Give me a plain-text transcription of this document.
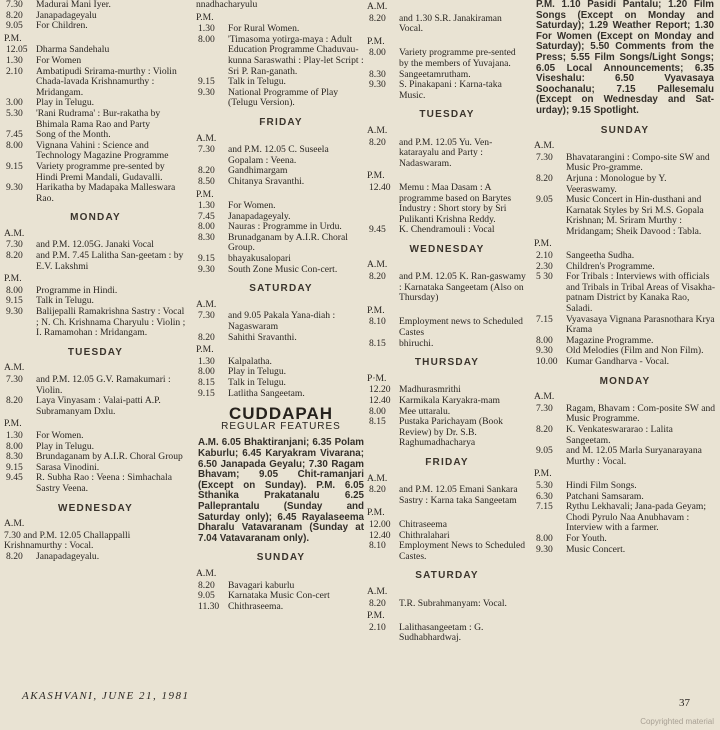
7.30	Madurai Mani Iyer.
8.20	Janapadageyalu
9.05	For Children.
P.M.
12.05 Dharma Sandehalu
1.30	For Women
2.10	Ambatipudi Srirama-murthy : Violin Chada-lavada Krishnamurthy : Mridangam.
3.00	Play in Telugu.
5.30	'Rani Rudrama' : Bur-rakatha by Bhimala Rama Rao and Party
7.45	Song of the Month.
8.00	Vignana Vahini : Science and Technology Magazine Programme
9.15	Variety programme pre-sented by Hindi Premi Mandali, Gudavalli.
9.30	Harikatha by Madapaka Malleswara Rao.
MONDAY
A.M.
7.30	and P.M. 12.05G. Janaki Vocal
8.20	and P.M. 7.45 Lalitha San-geetam : by E.V. Lakshmi
P.M.
8.00	Programme in Hindi.
9.15	Talk in Telugu.
9.30	Balijepalli Ramakrishna Sastry : Vocal ; N. Ch. Krishnama Charyulu : Violin ; I. Ramamohan : Mridangam.
TUESDAY
A.M.
7.30	and P.M. 12.05 G.V. Ramakumari : Violin.
8.20	Laya Vinyasam : Valai-patti A.P. Subramanyam Dxlu.
P.M.
1.30	For Women.
8.00	Play in Telugu.
8.30	Brundaganam by A.I.R. Choral Group
9.15	Sarasa Vinodini.
9.45	R. Subha Rao : Veena : Simhachala Sastry Veena.
WEDNESDAY
A.M.
7.30 and P.M. 12.05 Challappalli Krishnamurthy : Vocal.
8.20	Janapadageyalu.
nnadhacharyulu
P.M.
1.30	For Rural Women.
8.00	'Timasoma yotirga-maya : Adult Education Programme Chaduvau-kunna Saraswathi : Play-let Script : Sri P. Ran-ganath.
9.15	Talk in Telugu.
9.30	National Programme of Play (Telugu Version).
FRIDAY
A.M.
7.30	and P.M. 12.05 C. Suseela Gopalam : Veena.
8.20	Gandhimargam
8.50	Chitanya Sravanthi.
P.M.
1.30	For Women.
7.45	Janapadageyaly.
8.00	Nauras : Programme in Urdu.
8.30	Brunadganam by A.I.R. Choral Group.
9.15	bhayakusalopari
9.30	South Zone Music Con-cert.
SATURDAY
A.M.
7.30	and 9.05 Pakala Yana-diah : Nagaswaram
8.20	Sahithi Sravanthi.
P.M.
1.30	Kalpalatha.
8.00	Play in Telugu.
8.15	Talk in Telugu.
9.15	Latlitha Sangeetam.
CUDDAPAH
REGULAR FEATURES
A.M. 6.05 Bhaktiranjani; 6.35 Polam Kaburlu; 6.45 Karyakram Vivarana; 6.50 Janapada Geyalu; 7.30 Ragam Bhavam; 9.05 Chit-ramanjari (Except on Sunday). P.M. 6.05 Sthanika Prakatanalu 6.25 Palleprantalu (Sunday and Saturday only); 6.45 Rayalaseema Dharalu Vatavaranam (Sunday at 7.04 Vatavaranam only).
SUNDAY
A.M.
8.20	Bavagari kaburlu
9.05	Karnataka Music Con-cert
11.30 Chithraseema.
A.M.
8.20	and 1.30 S.R. Janakiraman Vocal.
P.M.
8.00	Variety programme pre-sented by the members of Yuvajana.
8.30	Sangeetamrutham.
9.30	S. Pinakapani : Karna-taka Music.
TUESDAY
A.M.
8.20	and P.M. 12.05 Yu. Ven-katarayalu and Party : Nadaswaram.
P.M.
12.40 Memu : Maa Dasam : A programme based on Barytes Industry : Short story by Sri Pulikanti Krishna Reddy.
9.45	K. Chendramouli : Vocal
WEDNESDAY
A.M.
8.20	and P.M. 12.05 K. Ran-gaswamy : Karnataka Sangeetam (Also on Thursday)
P.M.
8.10	Employment news to Scheduled Castes
8.15	bhiruchi.
THURSDAY
P·M.
12.20 Madhurasmrithi
12.40 Karmikala Karyakra-mam
8.00	Mee uttaralu.
8.15	Pustaka Parichayam (Book Review) by Dr. S.B. Raghumadhacharya
FRIDAY
A.M.
8.20	and P.M. 12.05 Emani Sankara Sastry : Karna taka Sangeetam
P.M.
12.00 Chitraseema
12.40 Chithralahari
8.10	Employment News to Scheduled Castes.
SATURDAY
A.M.
8.20	T.R. Subrahmanyam: Vocal.
P.M.
2.10	Lalithasangeetam : G. Sudhabhardwaj.
P.M. 1.10 Pasidi Pantalu; 1.20 Film Songs (Except on Monday and Saturday); 1.29 Weather Report; 1.30 For Women (Except on Monday and Saturday); 5.50 Comments from the Press; 5.55 Film Songs/Light Songs; 6.05 Local Announcements; 6.35 Viseshalu: 6.50 Vyavasaya Soochanalu; 7.15 Pallesemalu (Except on Wednesday and Sat-urday); 9.15 Spotlight.
SUNDAY
A.M.
7.30	Bhavatarangini : Compo-site SW and Music Pro-gramme.
8.20	Arjuna : Monologue by Y. Veeraswamy.
9.05	Music Concert in Hin-dusthani and Karnatak Styles by Sri M.S. Gopala Krishnan; M. Sriram Murthy : Mridangam; Sheik Davood : Tabla.
P.M.
2.10	Sangeetha Sudha.
2.30	Children's Programme.
5 30	For Tribals : Interviews with officials and Tribals in Tribal Areas of Visakha-patnam District by Kanaka Rao, Saladi.
7.15	Vyavasaya Vignana Parasnothara Krya Krama
8.00	Magazine Programme.
9.30	Old Melodies (Film and Non Film).
10.00 Kumar Gandharva - Vocal.
MONDAY
A.M.
7.30	Ragam, Bhavam : Com-posite SW and Music Programme.
8.20	K. Venkateswararao : Lalita Sangeetam.
9.05	and M. 12.05 Marla Suryanarayana Murthy : Vocal.
P.M.
5.30	Hindi Film Songs.
6.30	Patchani Samsaram.
7.15	Rythu Lekhavali; Jana-pada Geyam; Chodi Pyrulo Naa Anubhavam : Interview with a farmer.
8.00	For Youth.
9.30	Music Concert.
AKASHVANI, JUNE 21, 1981
37
Copyrighted material
